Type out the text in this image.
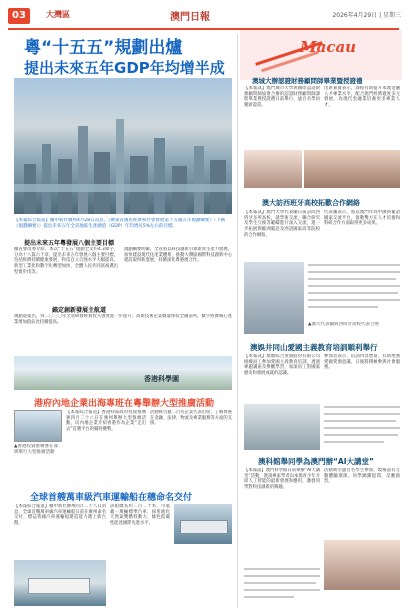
03	大灣區	澳門日報	2026年4月29日 | 星期三
粵“十五五”規劃出爐
提出未來五年GDP年均增半成
【本報綜合報道】據中新社廣州4月28日消息，《廣東省國民經濟和社會發展第十五個五年規劃綱要》（下稱《規劃綱要》）提出未來五年全省地區生產總值（GDP）年均增長5%左右的目標。
提出未來五年粵發展八個主要目標
據省發改委介紹，本次“十五五”規劃全文約4.3萬字，分為十八篇六十章，提出未來五年發展八個主要目標，包括經濟持續健康發展、科技自立自強水平大幅提高、新型工業化和數字化轉型加快、全體人民共同富裕邁出堅實步伐等。
規劃綱要明確，全省將以科技創新引領新質生產力發展，加快建設現代化產業體系，推動大灣區國際科技創新中心建設取得新進展，持續深化粵港澳合作。
錨定創新發展主航道
規劃還提出，到二〇三〇年全省研發經費投入強度進一步提升，高新技術企業數量保持全國前列，數字經濟核心產業增加值佔比持續提高。
香港科學園
港府內地企業出海專班在粵舉辦大型推廣活動
▲香港投資推廣署在深圳舉行大型推廣活動
【本報綜合報道】香港特區政府投資推廣署四月二十八日在廣州舉辦大型推廣活動，向內地企業介紹香港作為企業“走出去”首選平台的獨特優勢。
活動吸引逾二百名企業代表出席，了解香港在金融、法律、物流及專業服務等方面的支援。
全球首艘萬車級汽車運輸船在穗命名交付
【本報綜合報道】據中新社廣州四月二十八日消息，全球首艘萬車級汽車運輸船日前在廣州命名交付，標誌我國汽車運輸船建造能力邁上新台階。
該船總長約二百二十米，可裝載一萬輛標準汽車，採用液化天然氣雙燃料動力，綠色低碳性能達國際先進水平。
Macau
澳城大辦認證財務顧問師畢業暨授證禮
【本報訊】澳門城市大學與國際認證財務顧問師協會合辦的認證財務顧問師課程畢業暨授證禮日前舉行，逾百名學員獲頒證書。
出席嘉賓表示，課程有助提升本澳金融人才專業水平，配合澳門經濟適度多元發展，為現代金融業培養更多專業人才。
澳大訪西班牙高校拓歡合作網絡
【本報訊】澳門大學代表團日前訪問西班牙多所高校，就學術交流、聯合研究及學生互換等範疇進行深入交流，進一步拓展與歐洲葡語及西語國家高等院校的合作網絡。
代表團表示，將以澳門作為中國與葡語國家交流平台，推動雙方在人才培養和科研合作方面取得更多成果。
▲澳大代表團與西班牙高校代表合照
澳娛井同山愛國主義教育培訓順利舉行
【本報訊】澳娛綜合度假股份有限公司組織員工參加愛國主義教育培訓，透過專題講座及參觀學習，加深員工對國家歷史和發展成就的認識。
參加者表示，培訓內容豐富，有助增強愛國愛澳意識，日後將積極參與社會服務。
澳科館舉同學為澳門辦“AI大講堂”
【本報訊】澳門科學館日前舉辦“AI大講堂”活動，邀請專家學者向本澳青少年介紹人工智能的最新發展和應用，激發同學對科技創新的興趣。
活動吸引逾百名學生參加，現場設有互動體驗環節，同學踴躍提問，反應熱烈。
